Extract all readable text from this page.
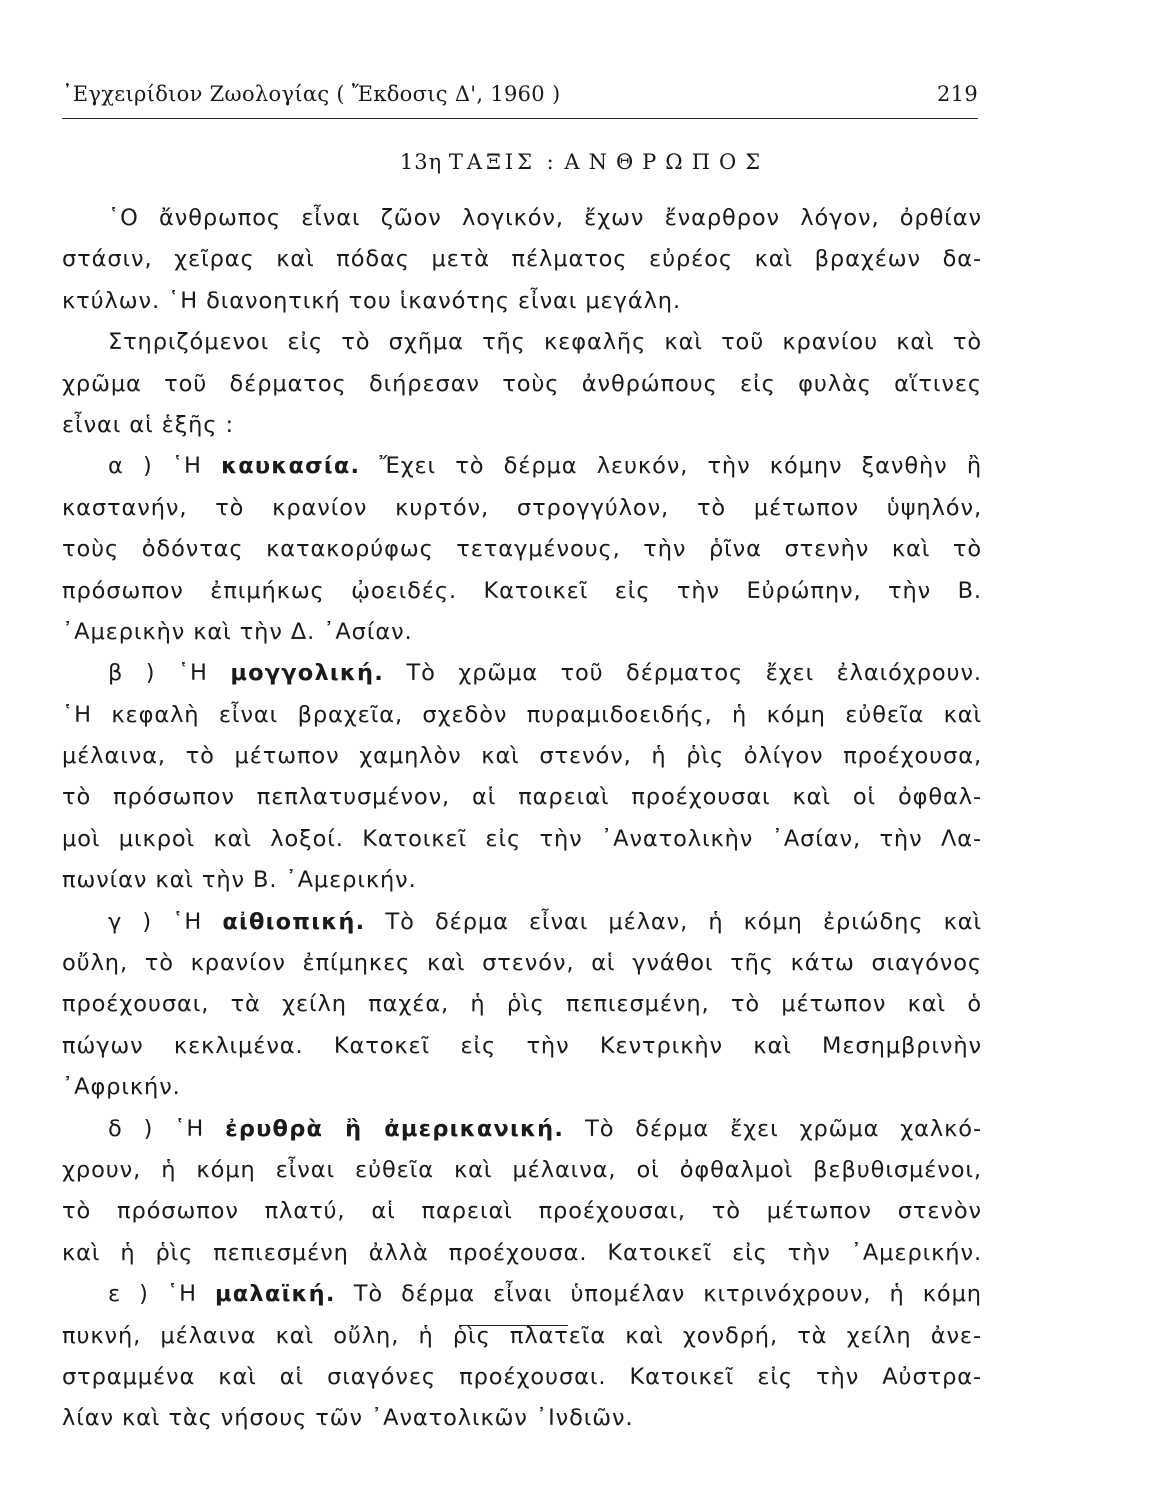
᾿Εγχειρίδιον Ζωολογίας ( Ἔκδοσις Δ', 1960 )	219
13η ΤΑΞΙΣ : ΑΝΘΡΩΠΟΣ
῾Ο ἄνθρωπος εἶναι ζῶον λογικόν, ἔχων ἔναρθρον λόγον, ὀρθίαν
στάσιν, χεῖρας καὶ πόδας μετὰ πέλματος εὐρέος καὶ βραχέων δα-
κτύλων. ῾Η διανοητική του ἱκανότης εἶναι μεγάλη.
Στηριζόμενοι εἰς τὸ σχῆμα τῆς κεφαλῆς καὶ τοῦ κρανίου καὶ τὸ
χρῶμα τοῦ δέρματος διήρεσαν τοὺς ἀνθρώπους εἰς φυλὰς αἵτινες
εἶναι αἱ ἑξῆς :
α ) ῾Η καυκασία. Ἔχει τὸ δέρμα λευκόν, τὴν κόμην ξανθὴν ἢ
καστανήν, τὸ κρανίον κυρτόν, στρογγύλον, τὸ μέτωπον ὑψηλόν,
τοὺς ὀδόντας κατακορύφως τεταγμένους, τὴν ῥῖνα στενὴν καὶ τὸ
πρόσωπον ἐπιμήκως ᾠοειδές. Κατοικεῖ εἰς τὴν Εὐρώπην, τὴν Β.
᾿Αμερικὴν καὶ τὴν Δ. ᾿Ασίαν.
β ) ῾Η μογγολική. Τὸ χρῶμα τοῦ δέρματος ἔχει ἐλαιόχρουν.
῾Η κεφαλὴ εἶναι βραχεῖα, σχεδὸν πυραμιδοειδής, ἡ κόμη εὐθεῖα καὶ
μέλαινα, τὸ μέτωπον χαμηλὸν καὶ στενόν, ἡ ῥὶς ὀλίγον προέχουσα,
τὸ πρόσωπον πεπλατυσμένον, αἱ παρειαὶ προέχουσαι καὶ οἱ ὀφθαλ-
μοὶ μικροὶ καὶ λοξοί. Κατοικεῖ εἰς τὴν ᾿Ανατολικὴν ᾿Ασίαν, τὴν Λα-
πωνίαν καὶ τὴν Β. ᾿Αμερικήν.
γ ) ῾Η αἰθιοπική. Τὸ δέρμα εἶναι μέλαν, ἡ κόμη ἐριώδης καὶ
οὔλη, τὸ κρανίον ἐπίμηκες καὶ στενόν, αἱ γνάθοι τῆς κάτω σιαγόνος
προέχουσαι, τὰ χείλη παχέα, ἡ ῥὶς πεπιεσμένη, τὸ μέτωπον καὶ ὁ
πώγων κεκλιμένα. Κατοκεῖ εἰς τὴν Κεντρικὴν καὶ Μεσημβρινὴν
᾿Αφρικήν.
δ ) ῾Η ἐρυθρὰ ἢ ἀμερικανική. Τὸ δέρμα ἔχει χρῶμα χαλκό-
χρουν, ἡ κόμη εἶναι εὐθεῖα καὶ μέλαινα, οἱ ὀφθαλμοὶ βεβυθισμένοι,
τὸ πρόσωπον πλατύ, αἱ παρειαὶ προέχουσαι, τὸ μέτωπον στενὸν
καὶ ἡ ῥὶς πεπιεσμένη ἀλλὰ προέχουσα. Κατοικεῖ εἰς τὴν ᾿Αμερικήν.
ε ) ῾Η μαλαϊκή. Τὸ δέρμα εἶναι ὑπομέλαν κιτρινόχρουν, ἡ κόμη
πυκνή, μέλαινα καὶ οὔλη, ἡ ῥὶς πλατεῖα καὶ χονδρή, τὰ χείλη ἀνε-
στραμμένα καὶ αἱ σιαγόνες προέχουσαι. Κατοικεῖ εἰς τὴν Αὐστρα-
λίαν καὶ τὰς νήσους τῶν ᾿Ανατολικῶν ᾿Ινδιῶν.
